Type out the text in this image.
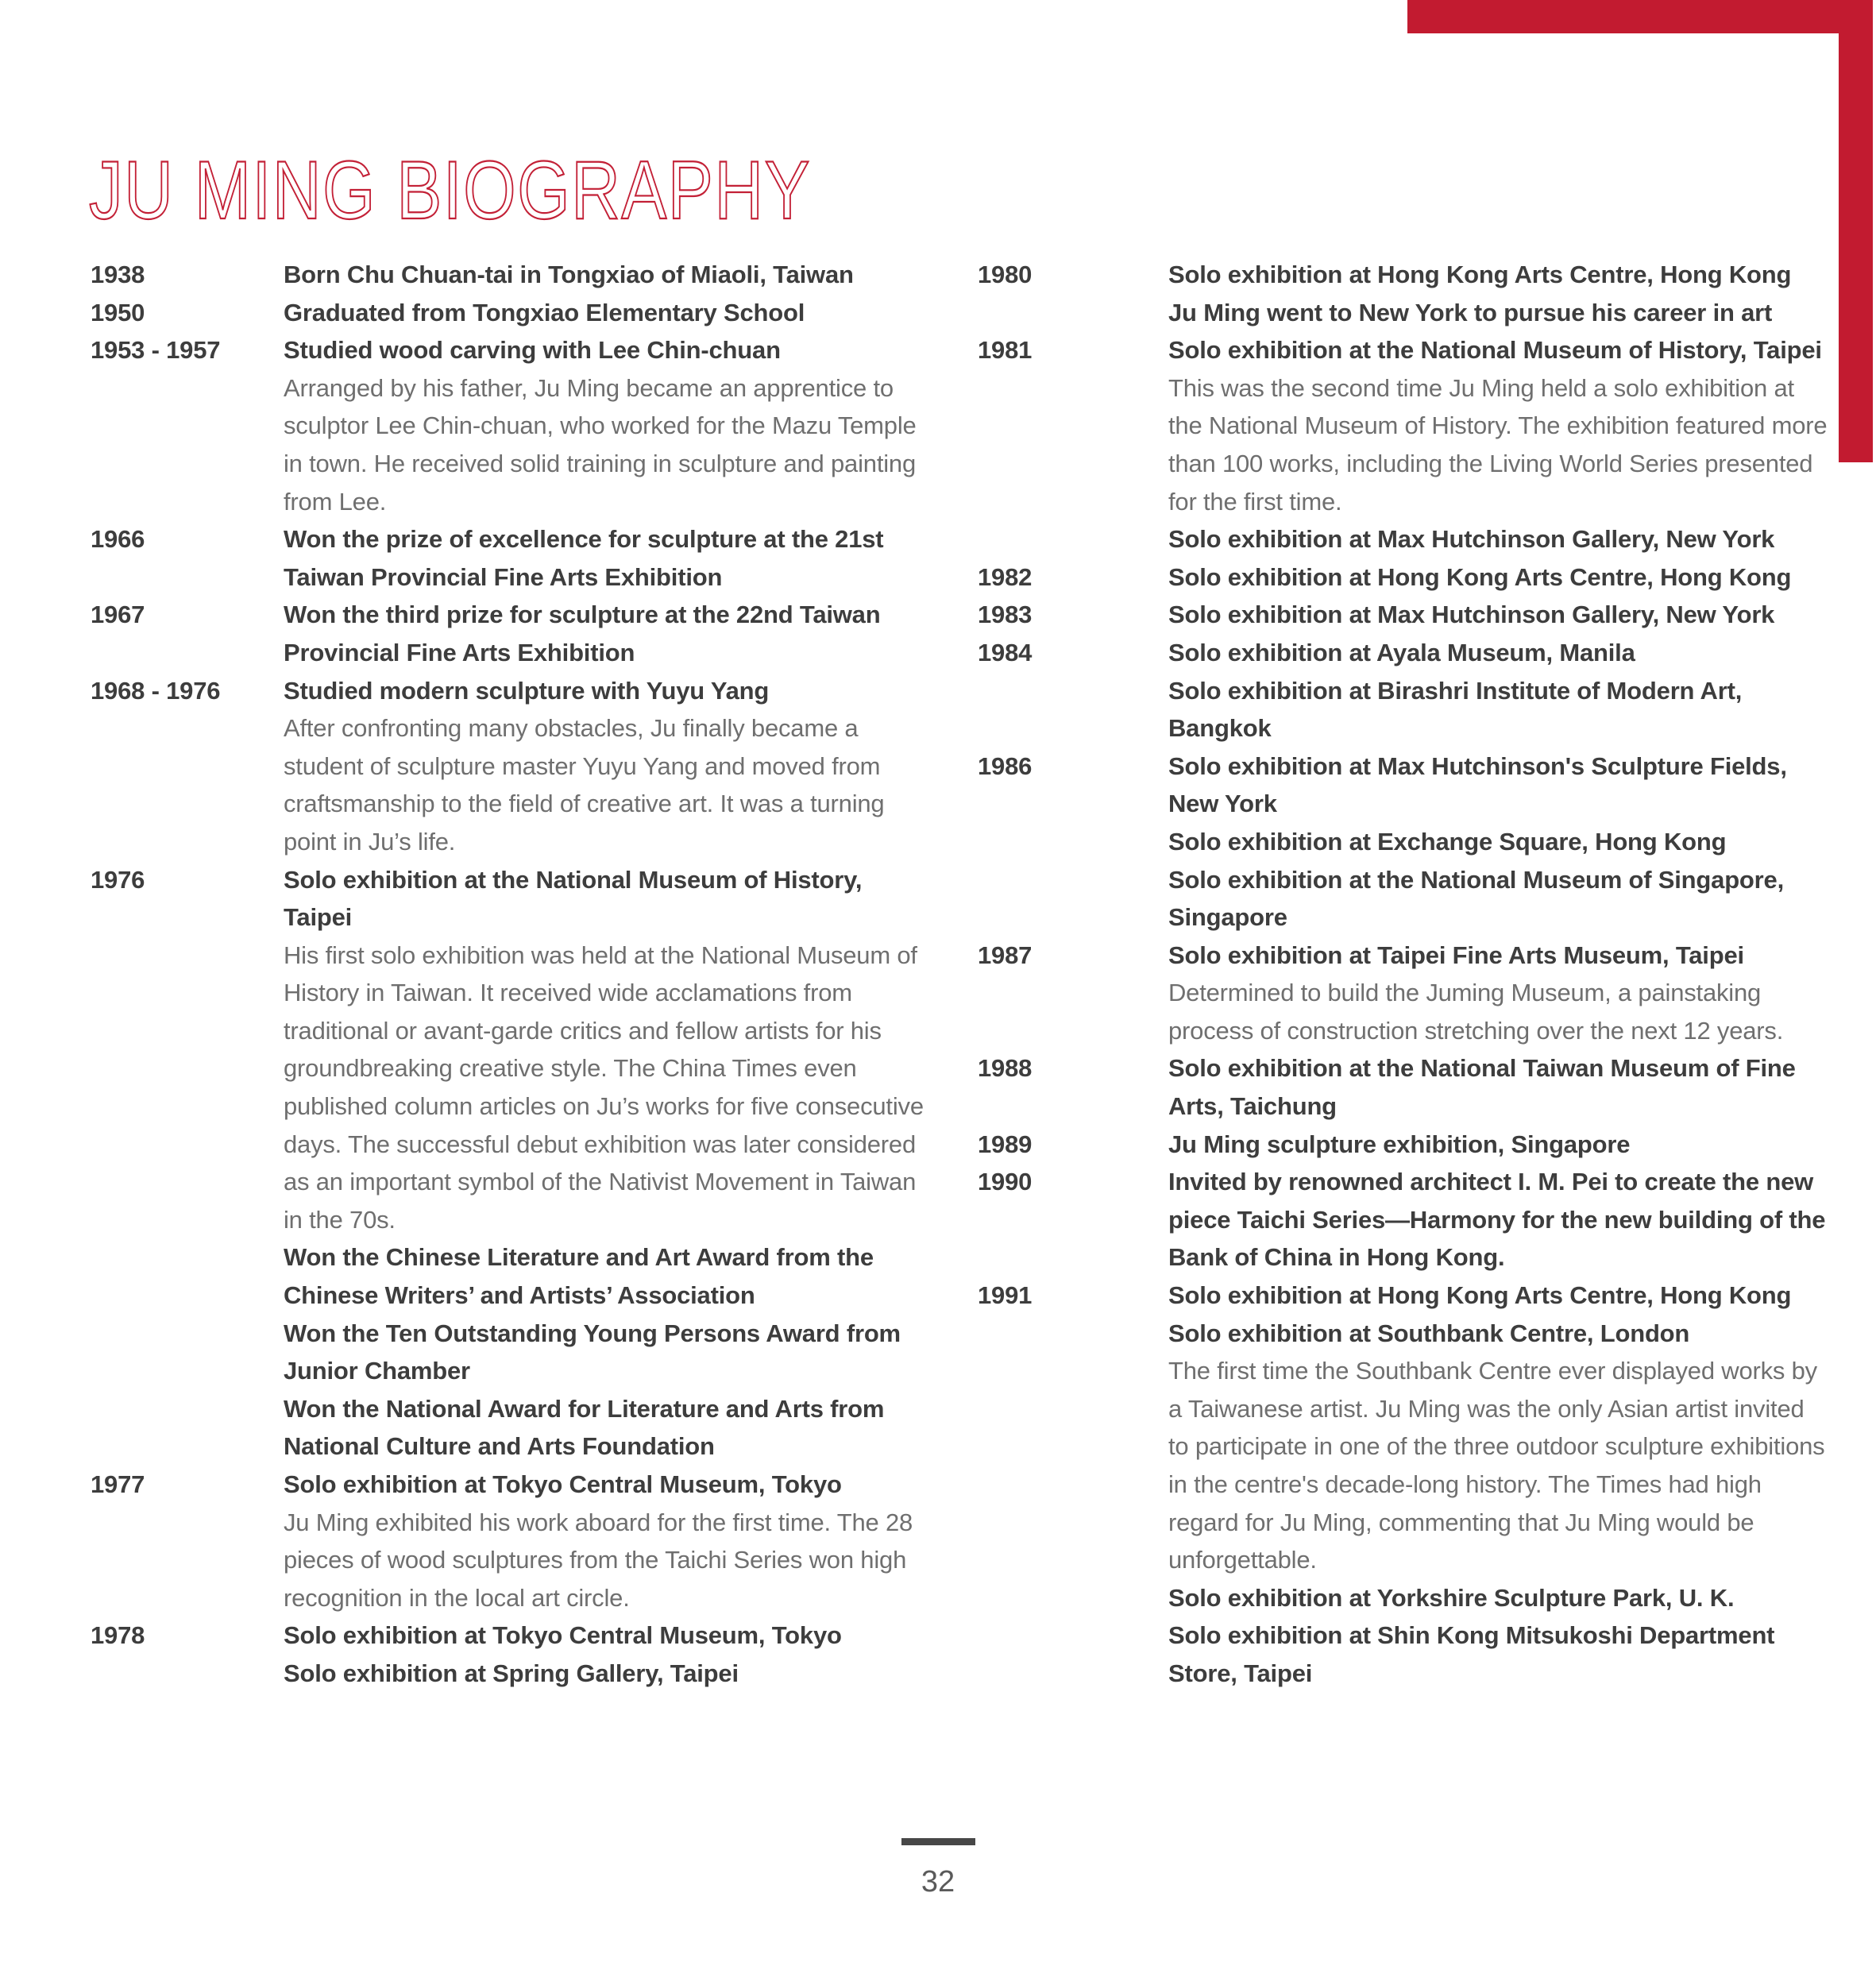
JU MING BIOGRAPHY
1938	Born Chu Chuan-tai in Tongxiao of Miaoli, Taiwan

1950	Graduated from Tongxiao Elementary School

1953 - 1957	Studied wood carving with Lee Chin-chuan

Arranged by his father, Ju Ming became an apprentice to sculptor Lee Chin-chuan, who worked for the Mazu Temple in town. He received solid training in sculpture and painting from Lee.

1966	Won the prize of excellence for sculpture at the 21st Taiwan Provincial Fine Arts Exhibition

1967	Won the third prize for sculpture at the 22nd Taiwan Provincial Fine Arts Exhibition

1968 - 1976	Studied modern sculpture with Yuyu Yang

After confronting many obstacles, Ju finally became a student of sculpture master Yuyu Yang and moved from craftsmanship to the field of creative art. It was a turning point in Ju’s life.

1976	Solo exhibition at the National Museum of History, Taipei

His first solo exhibition was held at the National Museum of History in Taiwan. It received wide acclamations from traditional or avant-garde critics and fellow artists for his groundbreaking creative style. The China Times even published column articles on Ju’s works for five consecutive days. The successful debut exhibition was later considered as an important symbol of the Nativist Movement in Taiwan in the 70s.

Won the Chinese Literature and Art Award from the Chinese Writers’ and Artists’ Association

Won the Ten Outstanding Young Persons Award from Junior Chamber

Won the National Award for Literature and Arts from National Culture and Arts Foundation

1977	Solo exhibition at Tokyo Central Museum, Tokyo

Ju Ming exhibited his work aboard for the first time. The 28 pieces of wood sculptures from the Taichi Series won high recognition in the local art circle.

1978	Solo exhibition at Tokyo Central Museum, Tokyo

Solo exhibition at Spring Gallery, Taipei

1980	Solo exhibition at Hong Kong Arts Centre, Hong Kong

Ju Ming went to New York to pursue his career in art

1981	Solo exhibition at the National Museum of History, Taipei

This was the second time Ju Ming held a solo exhibition at the National Museum of History. The exhibition featured more than 100 works, including the Living World Series presented for the first time.

Solo exhibition at Max Hutchinson Gallery, New York

1982	Solo exhibition at Hong Kong Arts Centre, Hong Kong

1983	Solo exhibition at Max Hutchinson Gallery, New York

1984	Solo exhibition at Ayala Museum, Manila

Solo exhibition at Birashri Institute of Modern Art, Bangkok

1986	Solo exhibition at Max Hutchinson's Sculpture Fields, New York

Solo exhibition at Exchange Square, Hong Kong

Solo exhibition at the National Museum of Singapore, Singapore

1987	Solo exhibition at Taipei Fine Arts Museum, Taipei

Determined to build the Juming Museum, a painstaking process of construction stretching over the next 12 years.

1988	Solo exhibition at the National Taiwan Museum of Fine Arts, Taichung

1989	Ju Ming sculpture exhibition, Singapore

1990	Invited by renowned architect I. M. Pei to create the new piece Taichi Series—Harmony for the new building of the Bank of China in Hong Kong.

1991	Solo exhibition at Hong Kong Arts Centre, Hong Kong

Solo exhibition at Southbank Centre, London

The first time the Southbank Centre ever displayed works by a Taiwanese artist. Ju Ming was the only Asian artist invited to participate in one of the three outdoor sculpture exhibitions in the centre's decade-long history. The Times had high regard for Ju Ming, commenting that Ju Ming would be unforgettable.

Solo exhibition at Yorkshire Sculpture Park, U. K.

Solo exhibition at Shin Kong Mitsukoshi Department Store, Taipei

32
